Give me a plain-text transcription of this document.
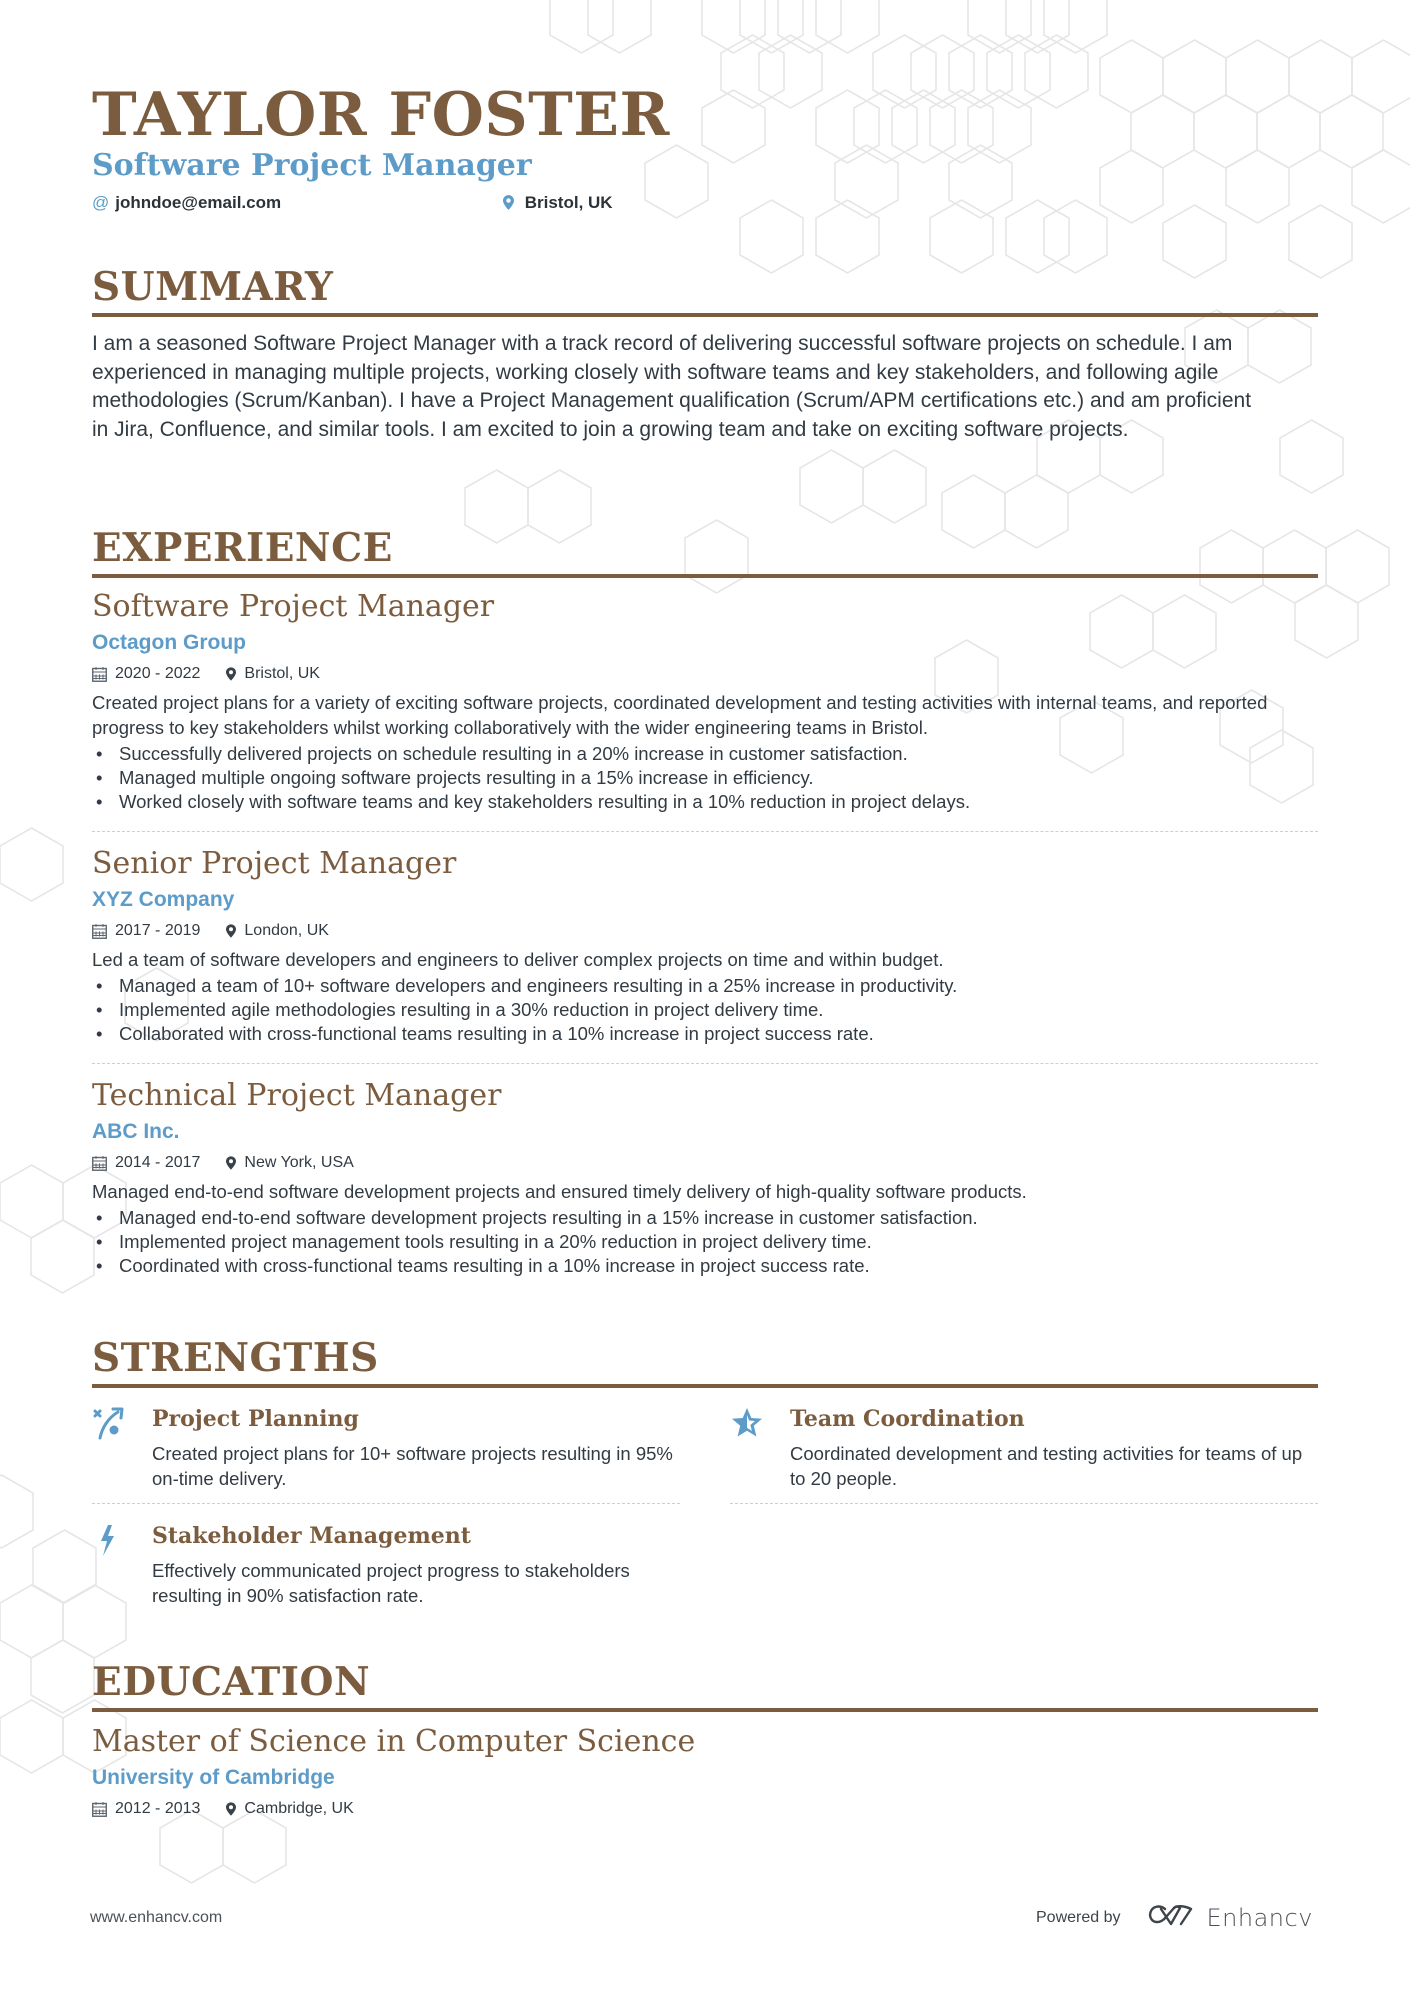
TAYLOR FOSTER
Software Project Manager
@ johndoe@email.com	Bristol, UK
SUMMARY
I am a seasoned Software Project Manager with a track record of delivering successful software projects on schedule. I am experienced in managing multiple projects, working closely with software teams and key stakeholders, and following agile methodologies (Scrum/Kanban). I have a Project Management qualification (Scrum/APM certifications etc.) and am proficient in Jira, Confluence, and similar tools. I am excited to join a growing team and take on exciting software projects.
EXPERIENCE
Software Project Manager
Octagon Group
2020 - 2022	Bristol, UK
Created project plans for a variety of exciting software projects, coordinated development and testing activities with internal teams, and reported progress to key stakeholders whilst working collaboratively with the wider engineering teams in Bristol.
• Successfully delivered projects on schedule resulting in a 20% increase in customer satisfaction.
• Managed multiple ongoing software projects resulting in a 15% increase in efficiency.
• Worked closely with software teams and key stakeholders resulting in a 10% reduction in project delays.
Senior Project Manager
XYZ Company
2017 - 2019	London, UK
Led a team of software developers and engineers to deliver complex projects on time and within budget.
• Managed a team of 10+ software developers and engineers resulting in a 25% increase in productivity.
• Implemented agile methodologies resulting in a 30% reduction in project delivery time.
• Collaborated with cross-functional teams resulting in a 10% increase in project success rate.
Technical Project Manager
ABC Inc.
2014 - 2017	New York, USA
Managed end-to-end software development projects and ensured timely delivery of high-quality software products.
• Managed end-to-end software development projects resulting in a 15% increase in customer satisfaction.
• Implemented project management tools resulting in a 20% reduction in project delivery time.
• Coordinated with cross-functional teams resulting in a 10% increase in project success rate.
STRENGTHS
Project Planning
Created project plans for 10+ software projects resulting in 95% on-time delivery.
Team Coordination
Coordinated development and testing activities for teams of up to 20 people.
Stakeholder Management
Effectively communicated project progress to stakeholders resulting in 90% satisfaction rate.
EDUCATION
Master of Science in Computer Science
University of Cambridge
2012 - 2013	Cambridge, UK
www.enhancv.com	Powered by	Enhancv
